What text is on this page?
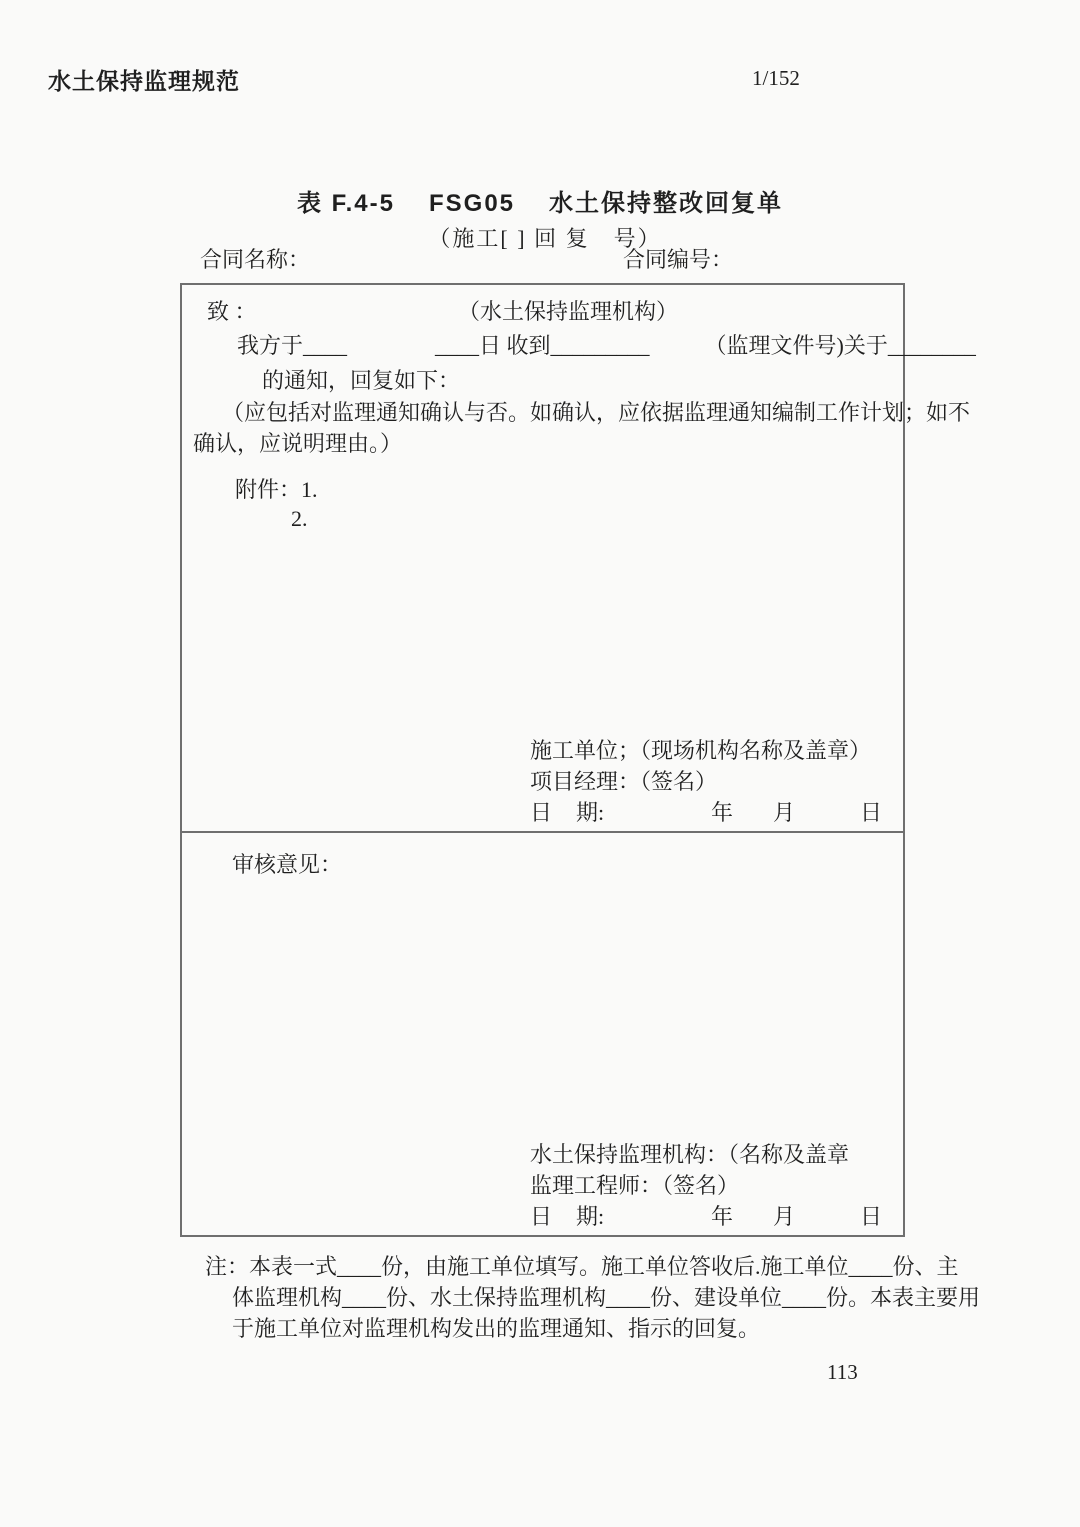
水土保持监理规范	1/152
表 F.4-5 FSG05 水土保持整改回复单
（施工[ ] 回 复　号）
合同名称：	合同编号：
致 ：	（水土保持监理机构）
我方于____　　　　____日 收到_________　　　（监理文件号)关于________
的通知，回复如下：
（应包括对监理通知确认与否。如确认，应依据监理通知编制工作计划；如不
确认，应说明理由。）
附件：1.
2.
施工单位；（现场机构名称及盖章）
项目经理：（签名）
日 期:	年 月	日
审核意见：
水土保持监理机构：（名称及盖章
监理工程师：（签名）
日 期:	年 月	日
注：本表一式____份，由施工单位填写。施工单位答收后.施工单位____份、主
体监理机构____份、水土保持监理机构____份、建设单位____份。本表主要用
于施工单位对监理机构发出的监理通知、指示的回复。
113
